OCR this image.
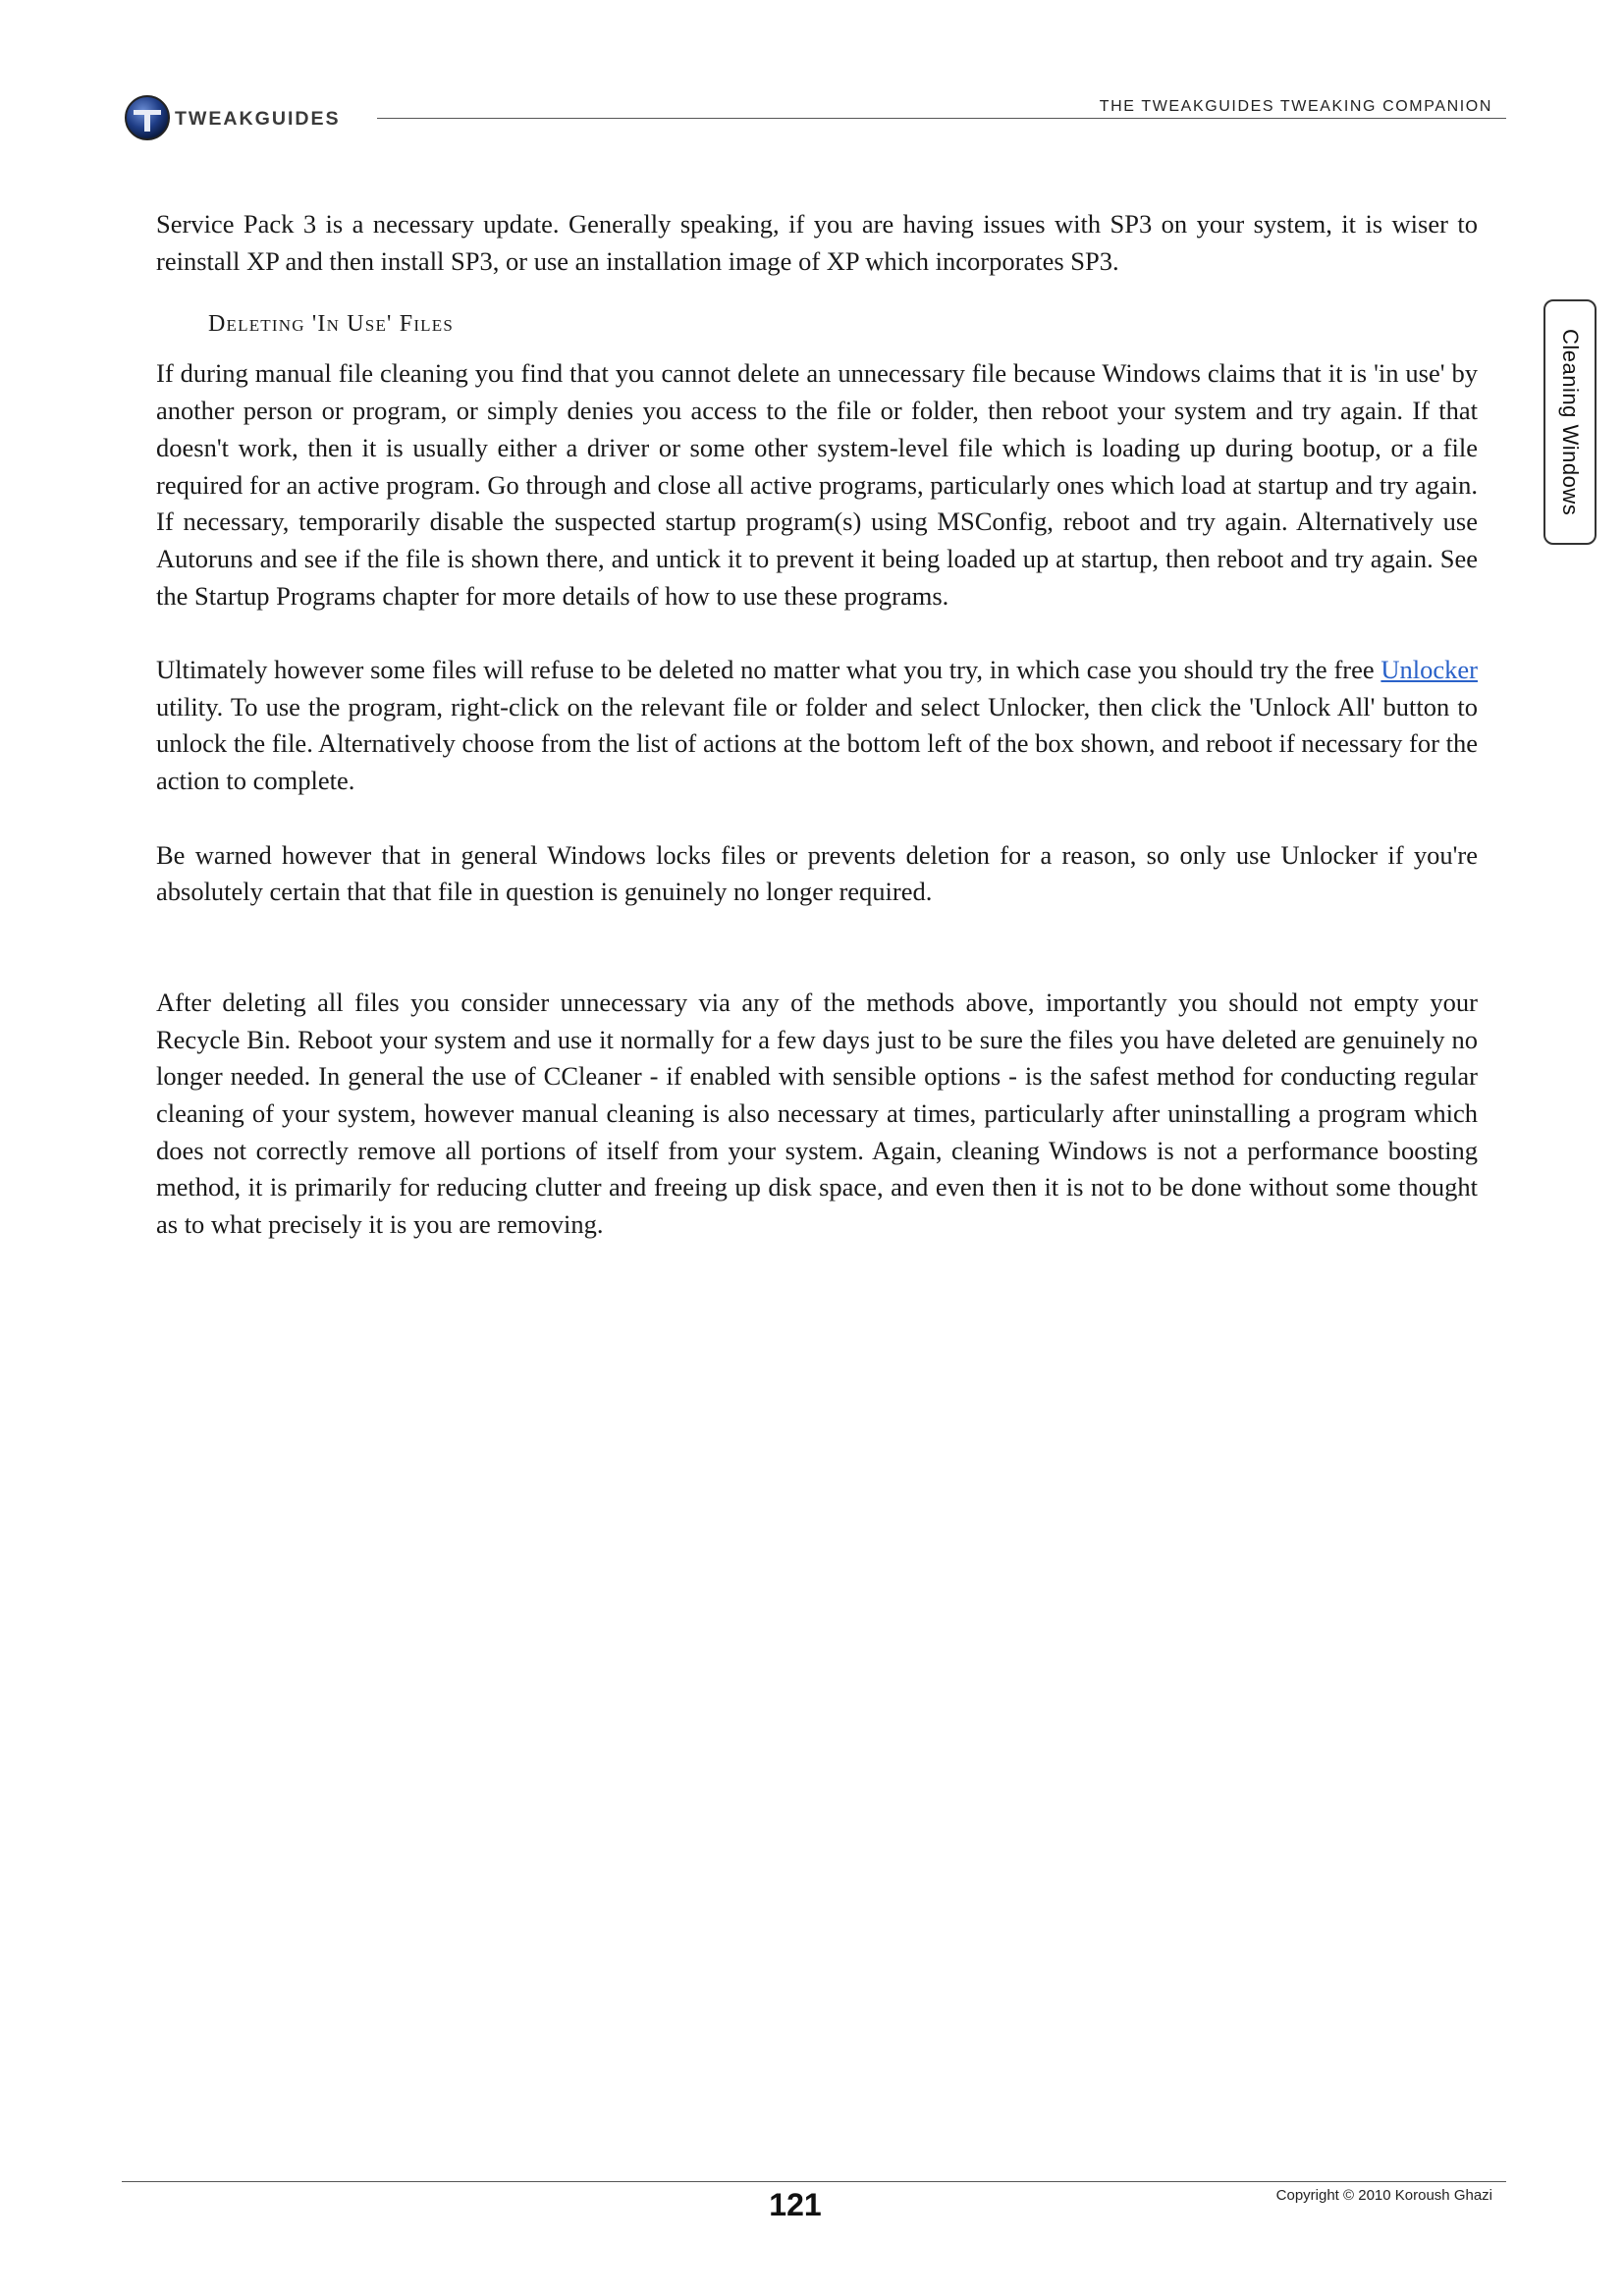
TWEAKGUIDES
THE TWEAKGUIDES TWEAKING COMPANION
Cleaning Windows

Service Pack 3 is a necessary update. Generally speaking, if you are having issues with SP3 on your system, it is wiser to reinstall XP and then install SP3, or use an installation image of XP which incorporates SP3.

Deleting 'In Use' Files

If during manual file cleaning you find that you cannot delete an unnecessary file because Windows claims that it is 'in use' by another person or program, or simply denies you access to the file or folder, then reboot your system and try again. If that doesn't work, then it is usually either a driver or some other system-level file which is loading up during bootup, or a file required for an active program. Go through and close all active programs, particularly ones which load at startup and try again. If necessary, temporarily disable the suspected startup program(s) using MSConfig, reboot and try again. Alternatively use Autoruns and see if the file is shown there, and untick it to prevent it being loaded up at startup, then reboot and try again. See the Startup Programs chapter for more details of how to use these programs.

Ultimately however some files will refuse to be deleted no matter what you try, in which case you should try the free Unlocker utility. To use the program, right-click on the relevant file or folder and select Unlocker, then click the 'Unlock All' button to unlock the file. Alternatively choose from the list of actions at the bottom left of the box shown, and reboot if necessary for the action to complete.

Be warned however that in general Windows locks files or prevents deletion for a reason, so only use Unlocker if you're absolutely certain that that file in question is genuinely no longer required.

After deleting all files you consider unnecessary via any of the methods above, importantly you should not empty your Recycle Bin. Reboot your system and use it normally for a few days just to be sure the files you have deleted are genuinely no longer needed. In general the use of CCleaner - if enabled with sensible options - is the safest method for conducting regular cleaning of your system, however manual cleaning is also necessary at times, particularly after uninstalling a program which does not correctly remove all portions of itself from your system. Again, cleaning Windows is not a performance boosting method, it is primarily for reducing clutter and freeing up disk space, and even then it is not to be done without some thought as to what precisely it is you are removing.

121	Copyright © 2010 Koroush Ghazi
